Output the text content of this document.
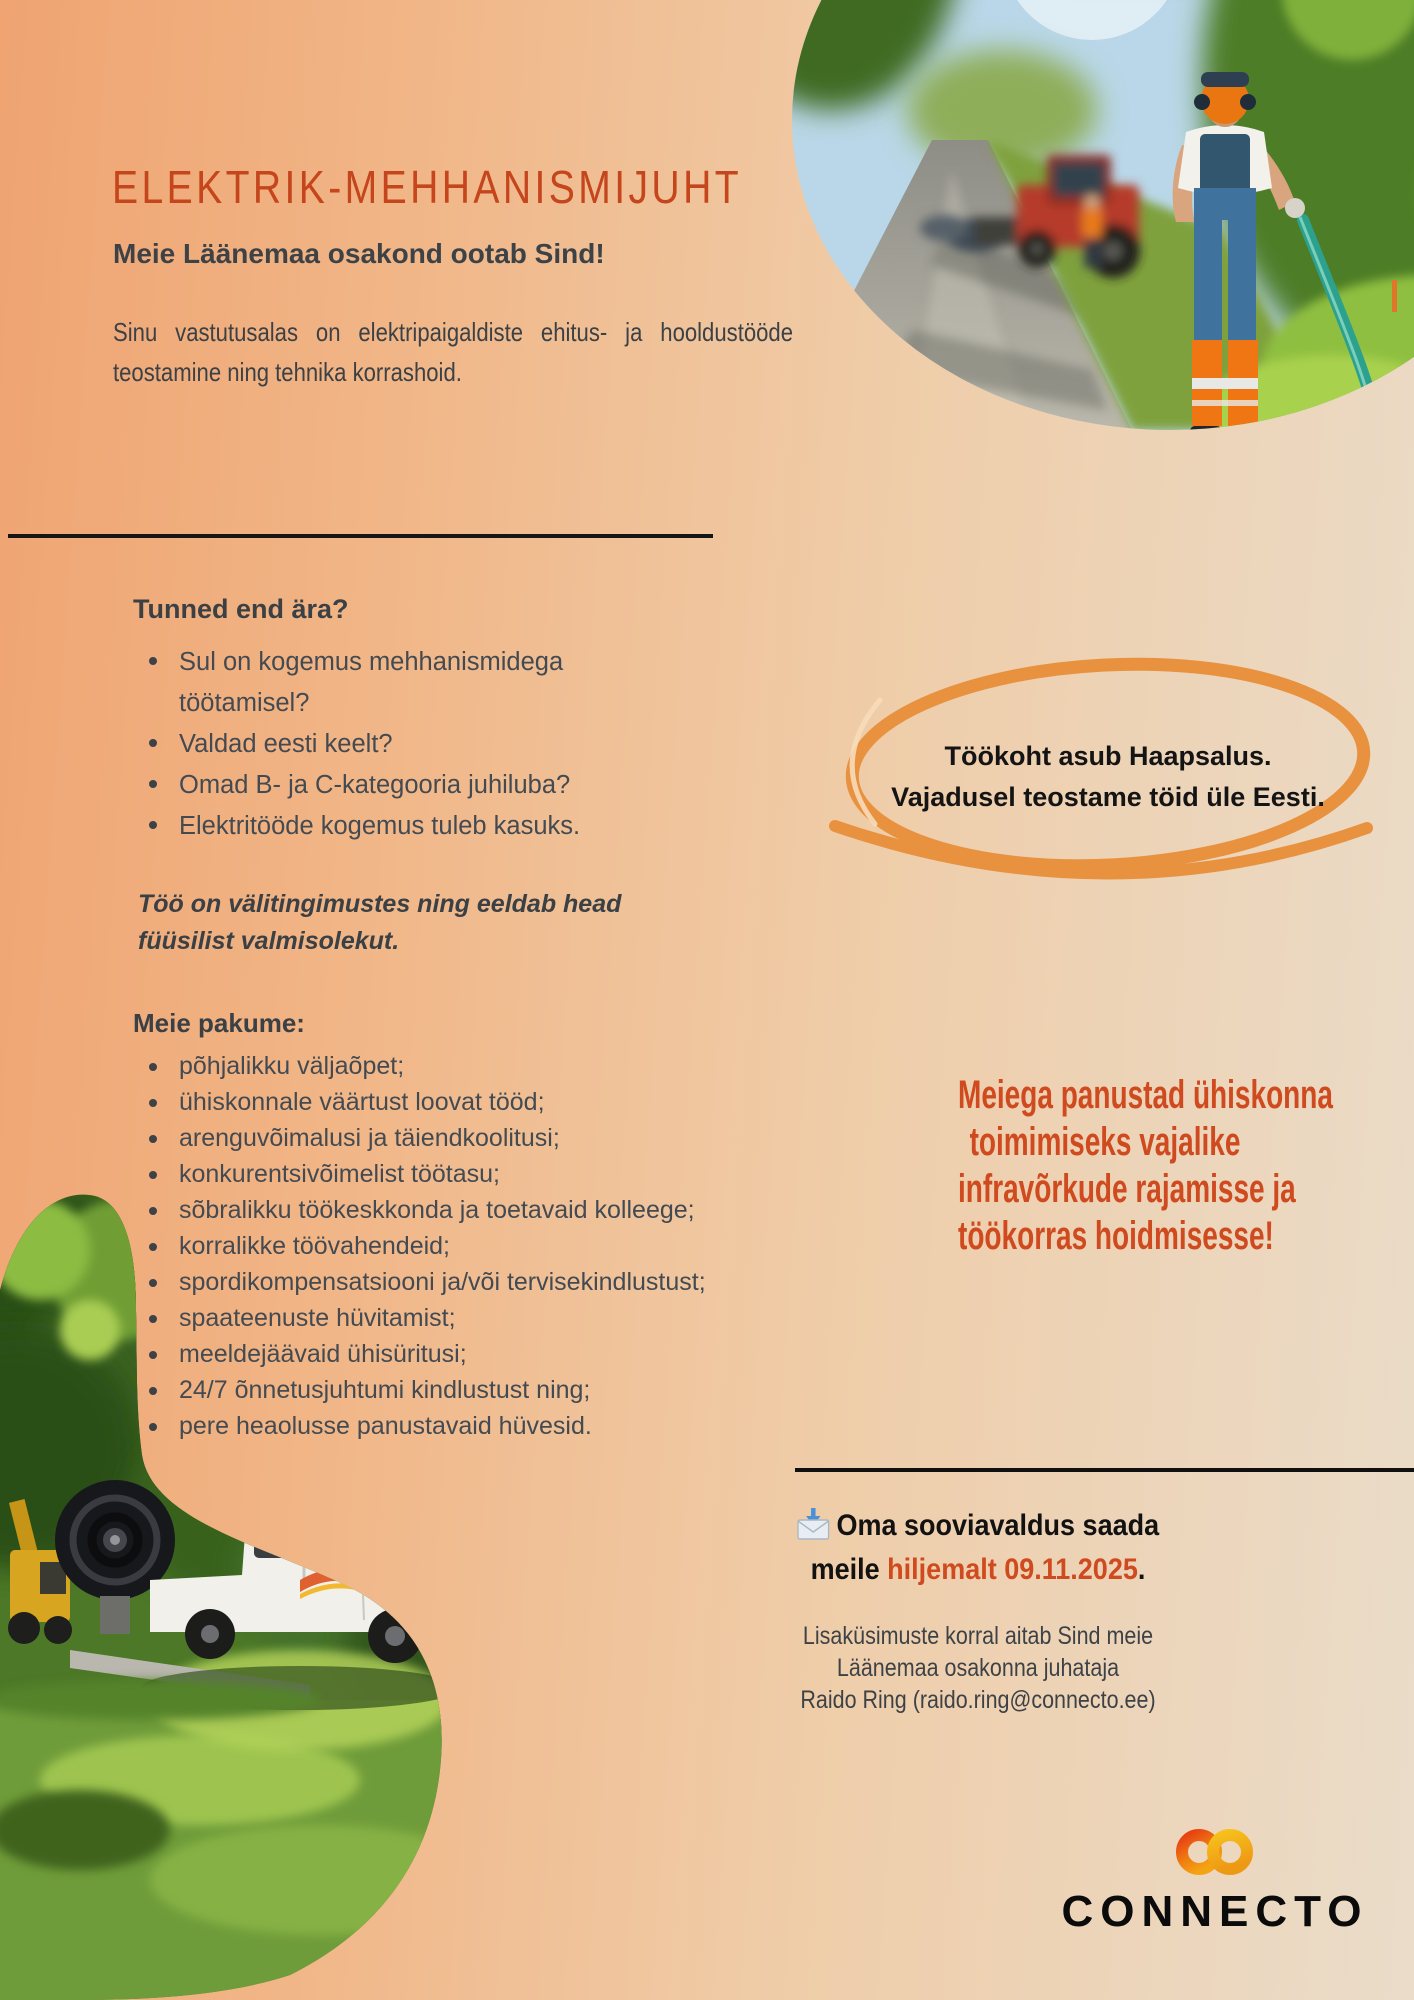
ELEKTRIK-MEHHANISMIJUHT
Meie Läänemaa osakond ootab Sind!
Sinu vastutusalas on elektripaigaldiste ehitus- ja hooldustööde teostamine ning tehnika korrashoid.
Tunned end ära?
Sul on kogemus mehhanismidega töötamisel?
Valdad eesti keelt?
Omad B- ja C-kategooria juhiluba?
Elektritööde kogemus tuleb kasuks.
Töö on välitingimustes ning eeldab head füüsilist valmisolekut.
Meie pakume:
põhjalikku väljaõpet;
ühiskonnale väärtust loovat tööd;
arenguvõimalusi ja täiendkoolitusi;
konkurentsivõimelist töötasu;
sõbralikku töökeskkonda ja toetavaid kolleege;
korralikke töövahendeid;
spordikompensatsiooni ja/või tervisekindlustust;
spaateenuste hüvitamist;
meeldejäävaid ühisüritusi;
24/7 õnnetusjuhtumi kindlustust ning;
pere heaolusse panustavaid hüvesid.
Töökoht asub Haapsalus.
Vajadusel teostame töid üle Eesti.
Meiega panustad ühiskonna
toimimiseks vajalike
infravõrkude rajamisse ja
töökorras hoidmisesse!
Oma sooviavaldus saada
meile hiljemalt 09.11.2025.
Lisaküsimuste korral aitab Sind meie
Läänemaa osakonna juhataja
Raido Ring (raido.ring@connecto.ee)
CONNECTO
